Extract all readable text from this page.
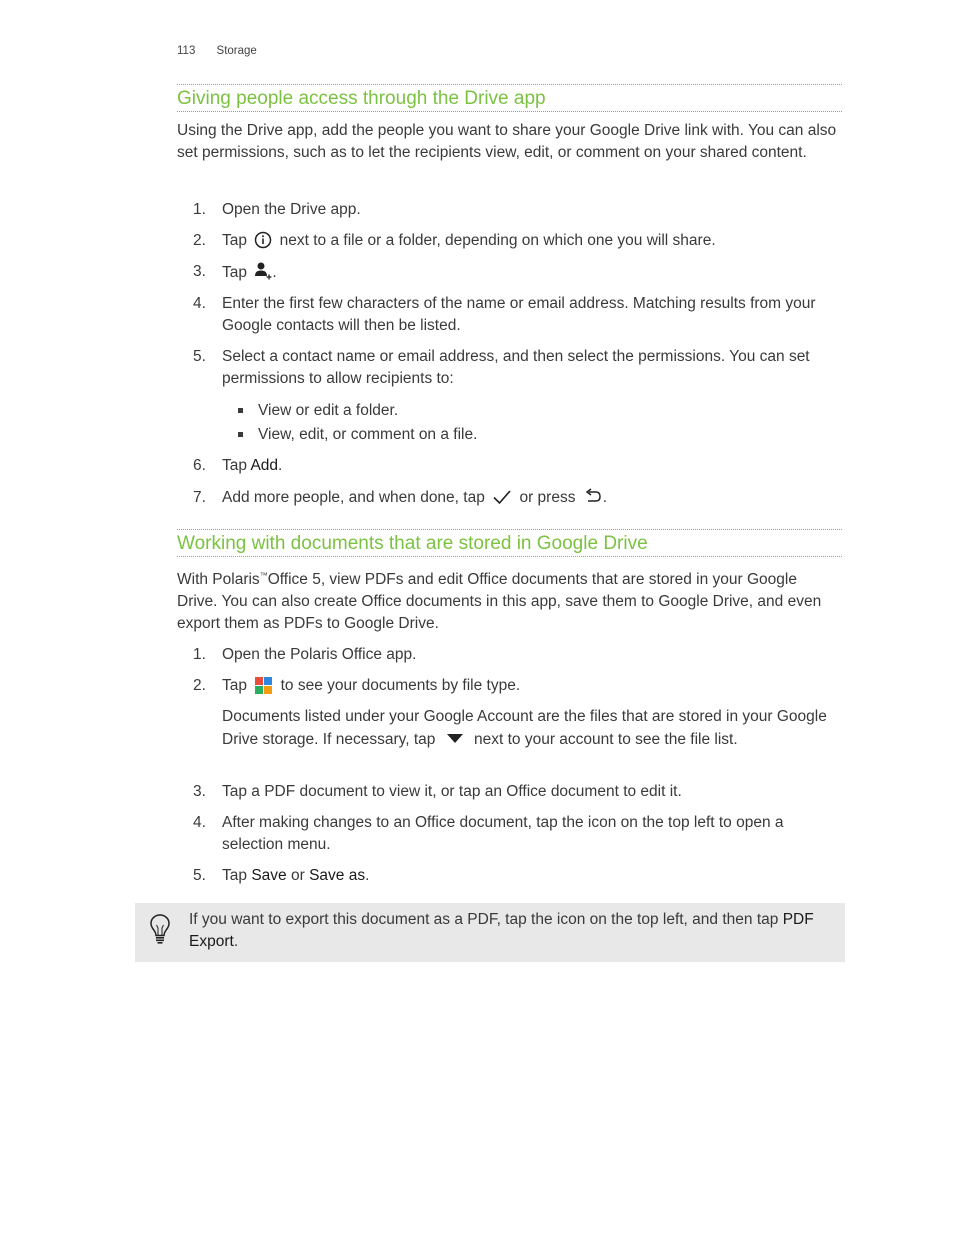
113 Storage
Giving people access through the Drive app
Using the Drive app, add the people you want to share your Google Drive link with. You can also set permissions, such as to let the recipients view, edit, or comment on your shared content.
1.	Open the Drive app.
2.	Tap next to a file or a folder, depending on which one you will share.
3.	Tap .
4.	Enter the first few characters of the name or email address. Matching results from your Google contacts will then be listed.
5.	Select a contact name or email address, and then select the permissions. You can set permissions to allow recipients to:
View or edit a folder.
View, edit, or comment on a file.
6.	Tap Add.
7.	Add more people, and when done, tap or press .
Working with documents that are stored in Google Drive
With Polaris™Office 5, view PDFs and edit Office documents that are stored in your Google Drive. You can also create Office documents in this app, save them to Google Drive, and even export them as PDFs to Google Drive.
1.	Open the Polaris Office app.
2.	Tap to see your documents by file type.
Documents listed under your Google Account are the files that are stored in your Google Drive storage. If necessary, tap next to your account to see the file list.
3.	Tap a PDF document to view it, or tap an Office document to edit it.
4.	After making changes to an Office document, tap the icon on the top left to open a selection menu.
5.	Tap Save or Save as.
If you want to export this document as a PDF, tap the icon on the top left, and then tap PDF Export.
